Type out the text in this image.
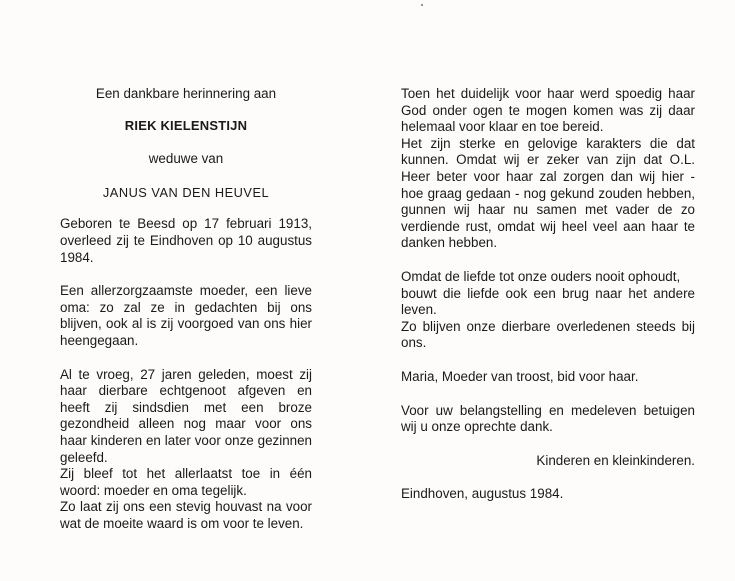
Een dankbare herinnering aan
RIEK KIELENSTIJN
weduwe van
JANUS VAN DEN HEUVEL

Geboren te Beesd op 17 februari 1913, overleed zij te Eindhoven op 10 augustus 1984.

Een allerzorgzaamste moeder, een lieve oma: zo zal ze in gedachten bij ons blijven, ook al is zij voorgoed van ons hier heengegaan.

Al te vroeg, 27 jaren geleden, moest zij haar dierbare echtgenoot afgeven en heeft zij sindsdien met een broze gezondheid alleen nog maar voor ons haar kinderen en later voor onze gezinnen geleefd.

Zij bleef tot het allerlaatst toe in één woord: moeder en oma tegelijk.

Zo laat zij ons een stevig houvast na voor wat de moeite waard is om voor te leven.

Toen het duidelijk voor haar werd spoedig haar God onder ogen te mogen komen was zij daar helemaal voor klaar en toe bereid.

Het zijn sterke en gelovige karakters die dat kunnen. Omdat wij er zeker van zijn dat O.L. Heer beter voor haar zal zorgen dan wij hier - hoe graag gedaan - nog gekund zouden hebben, gunnen wij haar nu samen met vader de zo verdiende rust, omdat wij heel veel aan haar te danken hebben.

Omdat de liefde tot onze ouders nooit ophoudt,

bouwt die liefde ook een brug naar het andere leven.

Zo blijven onze dierbare overledenen steeds bij ons.

Maria, Moeder van troost, bid voor haar.

Voor uw belangstelling en medeleven betuigen wij u onze oprechte dank.

Kinderen en kleinkinderen.
Eindhoven, augustus 1984.
